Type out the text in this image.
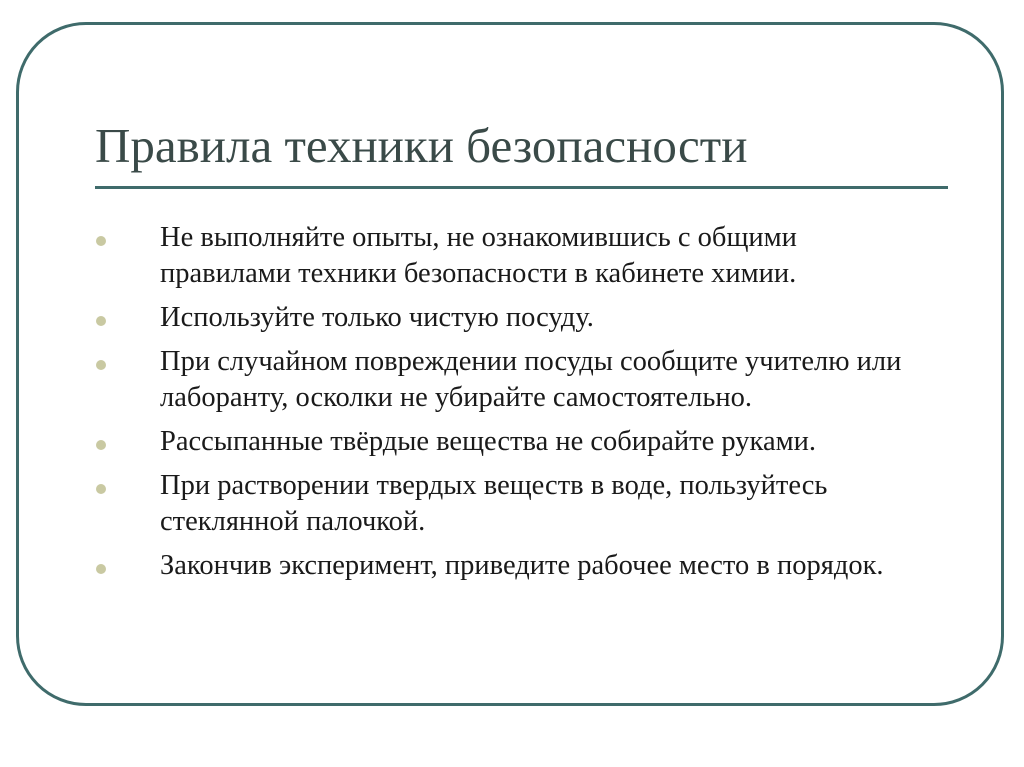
Правила техники безопасности
Не выполняйте опыты, не ознакомившись с общими правилами техники безопасности в кабинете химии.
Используйте только чистую посуду.
При случайном повреждении посуды сообщите учителю или лаборанту, осколки не убирайте самостоятельно.
Рассыпанные твёрдые вещества не собирайте руками.
При растворении твердых веществ в воде, пользуйтесь стеклянной палочкой.
Закончив эксперимент, приведите рабочее место в порядок.
